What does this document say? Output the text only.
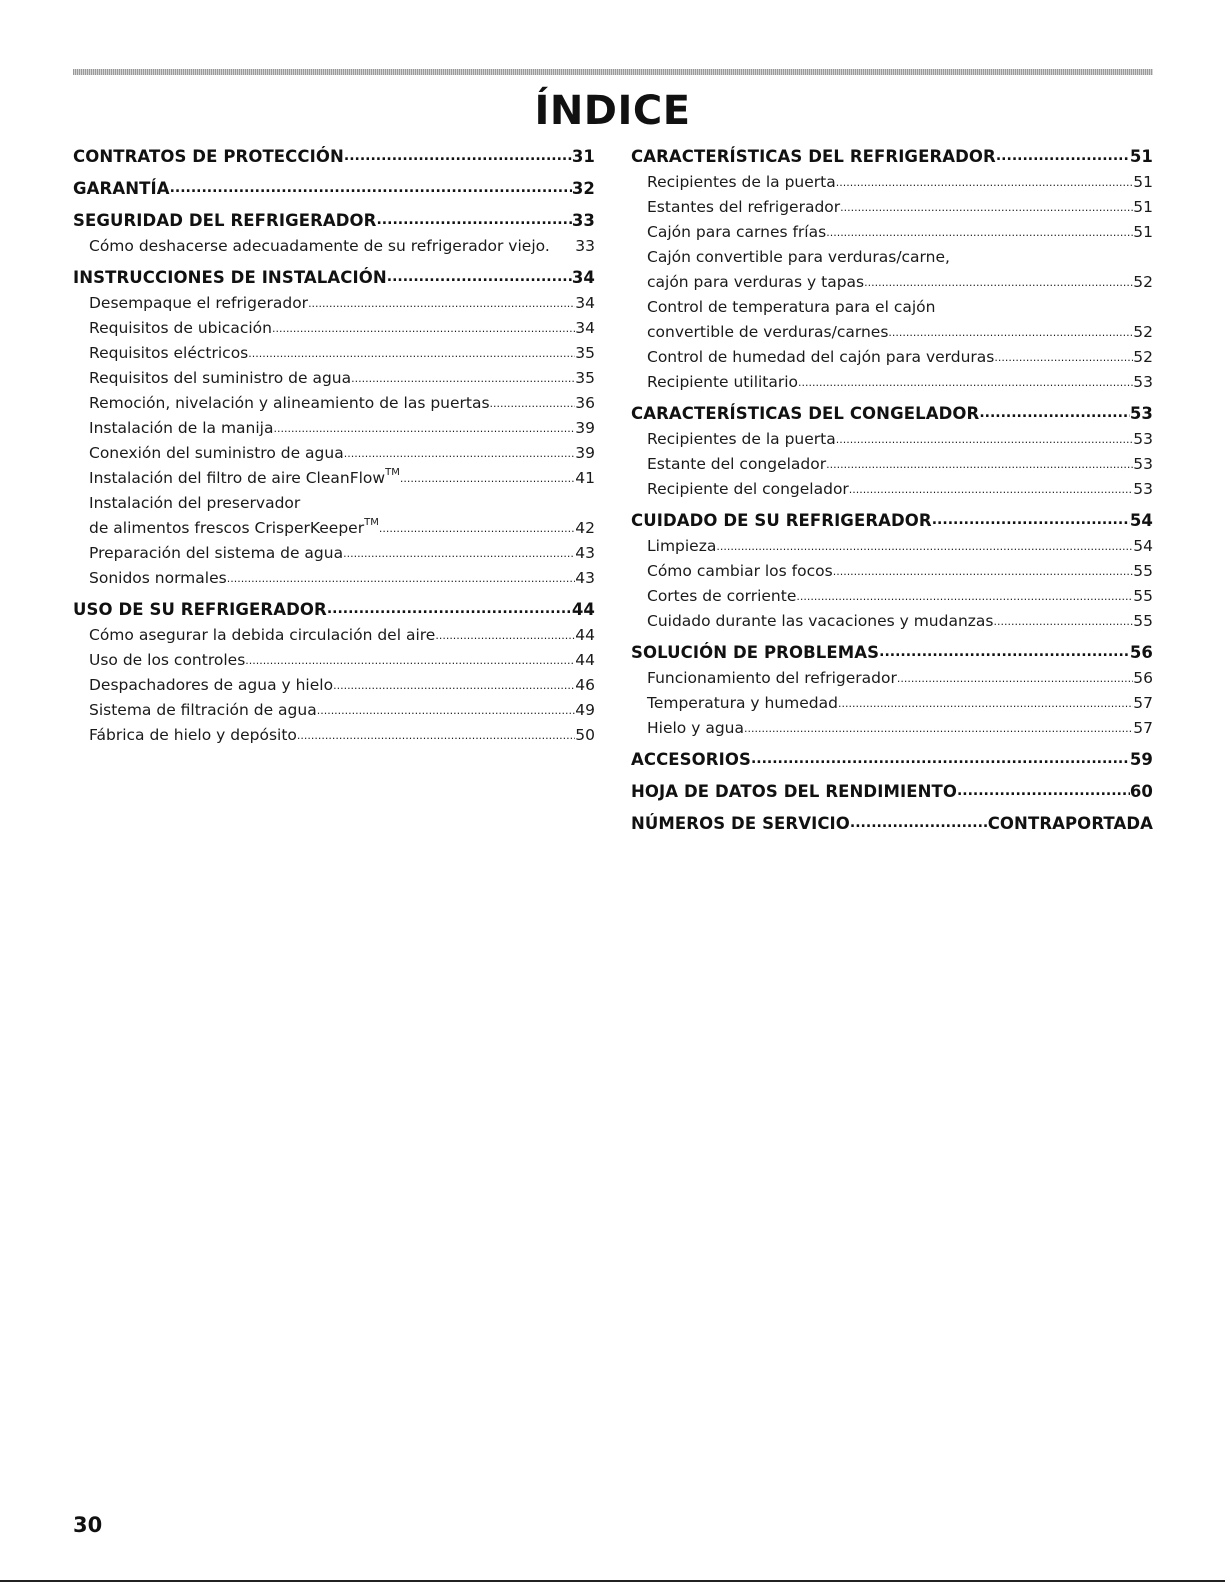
ÍNDICE
CONTRATOS DE PROTECCIÓN .....	31
GARANTÍA .....	32
SEGURIDAD DEL REFRIGERADOR .....	33
Cómo deshacerse adecuadamente de su refrigerador viejo. 33
INSTRUCCIONES DE INSTALACIÓN .....	34
Desempaque el refrigerador .....	34
Requisitos de ubicación .....	34
Requisitos eléctricos .....	35
Requisitos del suministro de agua .....	35
Remoción, nivelación y alineamiento de las puertas .....	36
Instalación de la manija .....	39
Conexión del suministro de agua .....	39
Instalación del filtro de aire CleanFlow™ .....	41
Instalación del preservador
de alimentos frescos CrisperKeeper™ .....	42
Preparación del sistema de agua .....	43
Sonidos normales .....	43
USO DE SU REFRIGERADOR .....	44
Cómo asegurar la debida circulación del aire .....	44
Uso de los controles .....	44
Despachadores de agua y hielo .....	46
Sistema de filtración de agua .....	49
Fábrica de hielo y depósito .....	50
CARACTERÍSTICAS DEL REFRIGERADOR .....	51
Recipientes de la puerta .....	51
Estantes del refrigerador .....	51
Cajón para carnes frías .....	51
Cajón convertible para verduras/carne,
cajón para verduras y tapas .....	52
Control de temperatura para el cajón
convertible de verduras/carnes .....	52
Control de humedad del cajón para verduras .....	52
Recipiente utilitario .....	53
CARACTERÍSTICAS DEL CONGELADOR .....	53
Recipientes de la puerta .....	53
Estante del congelador .....	53
Recipiente del congelador .....	53
CUIDADO DE SU REFRIGERADOR .....	54
Limpieza .....	54
Cómo cambiar los focos .....	55
Cortes de corriente .....	55
Cuidado durante las vacaciones y mudanzas .....	55
SOLUCIÓN DE PROBLEMAS .....	56
Funcionamiento del refrigerador .....	56
Temperatura y humedad .....	57
Hielo y agua .....	57
ACCESORIOS .....	59
HOJA DE DATOS DEL RENDIMIENTO .....	60
NÚMEROS DE SERVICIO .....	CONTRAPORTADA
30
